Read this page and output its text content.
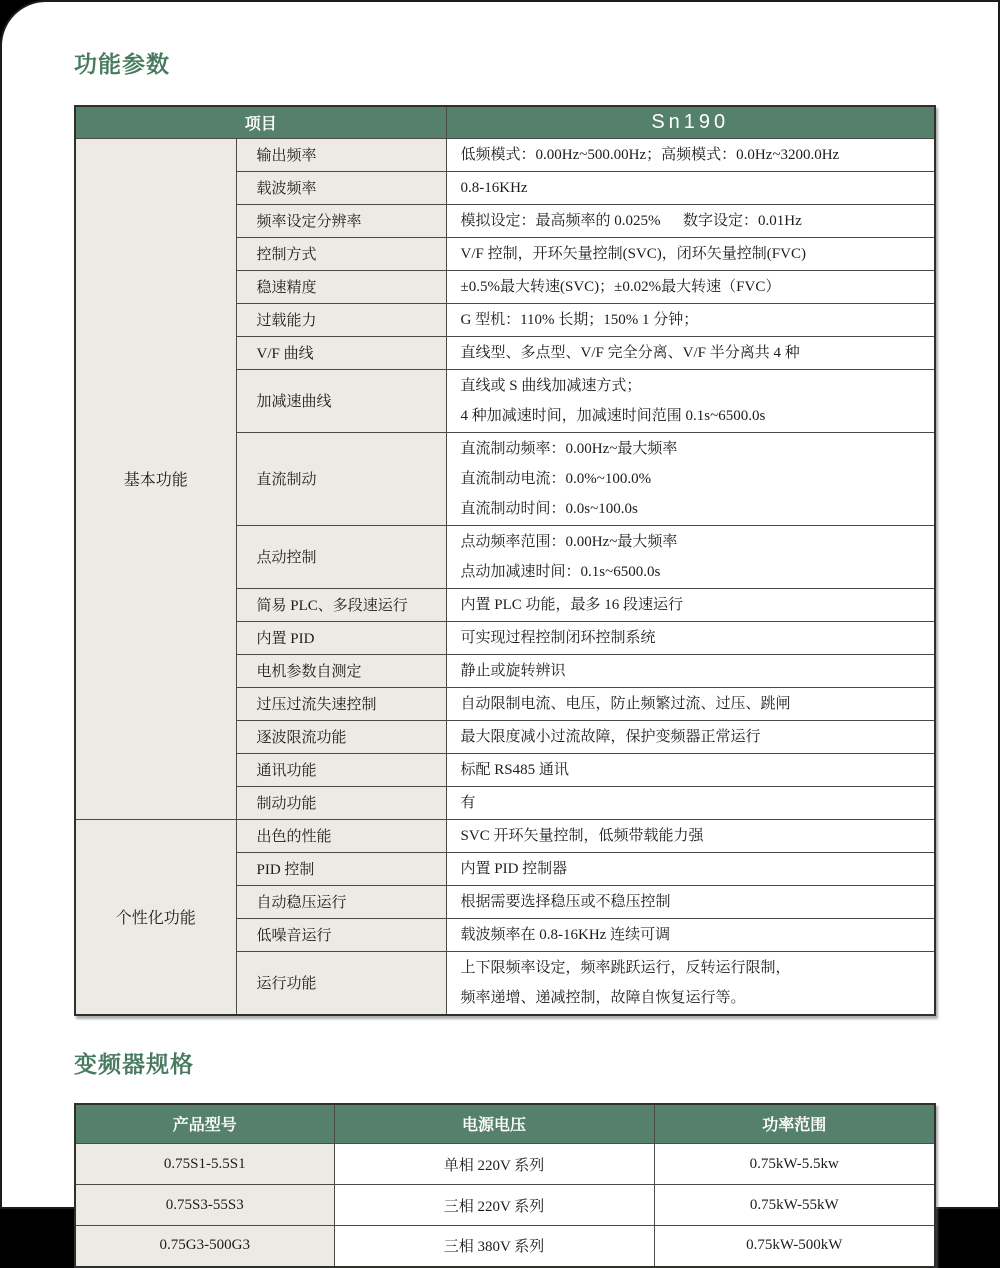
功能参数
项目		Sn190
基本功能	输出频率	低频模式：0.00Hz~500.00Hz；高频模式：0.0Hz~3200.0Hz

	载波频率	0.8-16KHz

	频率设定分辨率	模拟设定：最高频率的 0.025%      数字设定：0.01Hz

	控制方式	V/F 控制，开环矢量控制(SVC)，闭环矢量控制(FVC)

	稳速精度	±0.5%最大转速(SVC)；±0.02%最大转速（FVC）

	过载能力	G 型机：110% 长期；150% 1 分钟；

	V/F 曲线	直线型、多点型、V/F 完全分离、V/F 半分离共 4 种

	加减速曲线	直线或 S 曲线加减速方式；
4 种加减速时间，加减速时间范围 0.1s~6500.0s

	直流制动	直流制动频率：0.00Hz~最大频率
直流制动电流：0.0%~100.0%
直流制动时间：0.0s~100.0s

	点动控制	点动频率范围：0.00Hz~最大频率
点动加减速时间：0.1s~6500.0s

	简易 PLC、多段速运行	内置 PLC 功能，最多 16 段速运行

	内置 PID	可实现过程控制闭环控制系统

	电机参数自测定	静止或旋转辨识

	过压过流失速控制	自动限制电流、电压，防止频繁过流、过压、跳闸

	逐波限流功能	最大限度减小过流故障，保护变频器正常运行

	通讯功能	标配 RS485 通讯

	制动功能	有

个性化功能	出色的性能	SVC 开环矢量控制，低频带载能力强

	PID 控制	内置 PID 控制器

	自动稳压运行	根据需要选择稳压或不稳压控制

	低噪音运行	载波频率在 0.8-16KHz 连续可调

	运行功能	上下限频率设定，频率跳跃运行，反转运行限制，
频率递增、递减控制，故障自恢复运行等。
变频器规格
产品型号	电源电压	功率范围
0.75S1-5.5S1	单相 220V 系列	0.75kW-5.5kw
0.75S3-55S3	三相 220V 系列	0.75kW-55kW
0.75G3-500G3	三相 380V 系列	0.75kW-500kW
